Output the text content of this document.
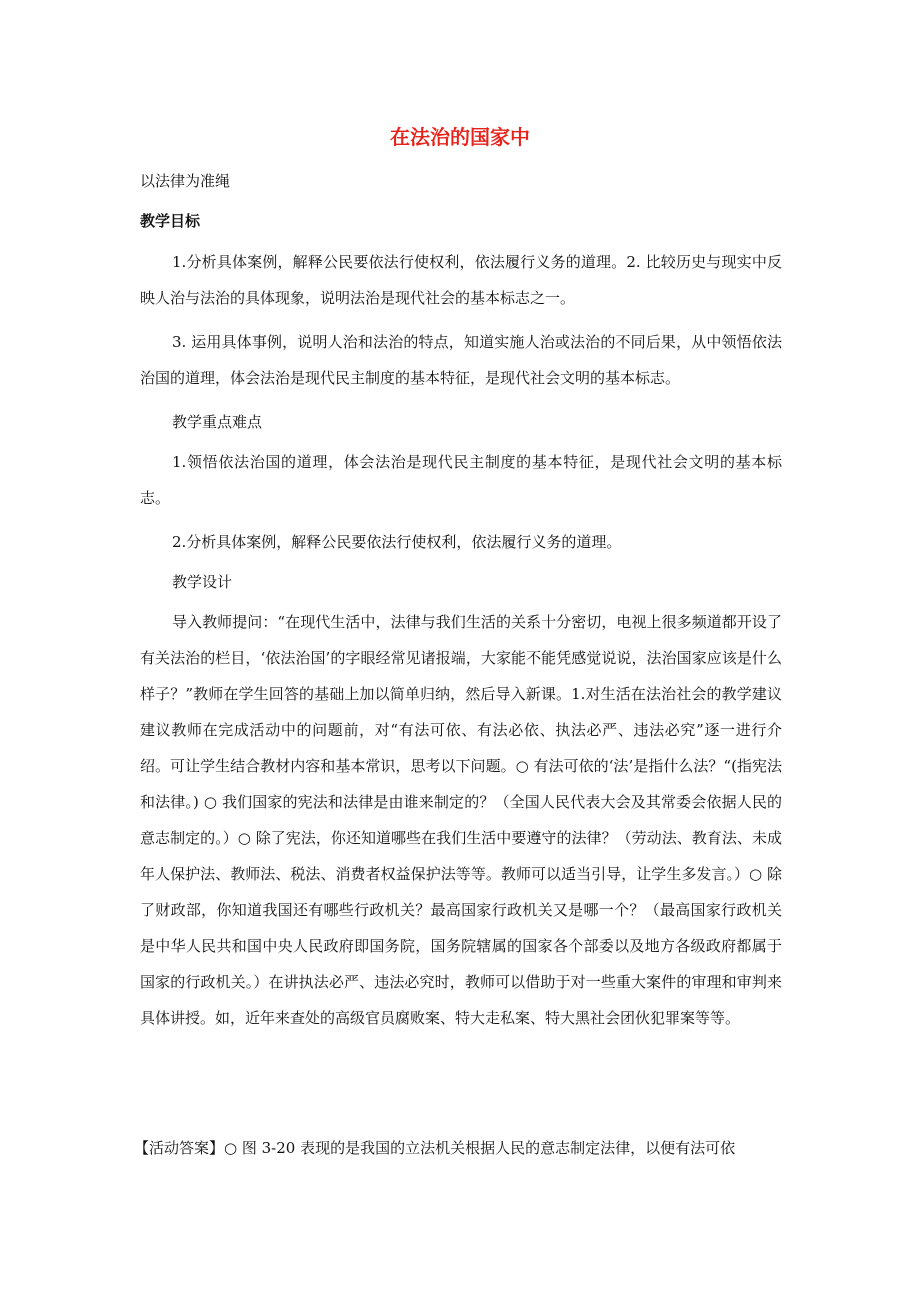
在法治的国家中
以法律为准绳
教学目标
1.分析具体案例，解释公民要依法行使权利，依法履行义务的道理。2. 比较历史与现实中反映人治与法治的具体现象，说明法治是现代社会的基本标志之一。
3. 运用具体事例，说明人治和法治的特点，知道实施人治或法治的不同后果，从中领悟依法治国的道理，体会法治是现代民主制度的基本特征，是现代社会文明的基本标志。
教学重点难点
1.领悟依法治国的道理，体会法治是现代民主制度的基本特征，是现代社会文明的基本标志。
2.分析具体案例，解释公民要依法行使权利，依法履行义务的道理。
教学设计
导入教师提问：“在现代生活中，法律与我们生活的关系十分密切，电视上很多频道都开设了有关法治的栏目，‘依法治国’的字眼经常见诸报端，大家能不能凭感觉说说，法治国家应该是什么样子？”教师在学生回答的基础上加以简单归纳，然后导入新课。1.对生活在法治社会的教学建议建议教师在完成活动中的问题前，对“有法可依、有法必依、执法必严、违法必究”逐一进行介绍。可让学生结合教材内容和基本常识，思考以下问题。○ 有法可依的‘法’是指什么法？“(指宪法和法律。) ○ 我们国家的宪法和法律是由谁来制定的？（全国人民代表大会及其常委会依据人民的意志制定的。）○ 除了宪法，你还知道哪些在我们生活中要遵守的法律？（劳动法、教育法、未成年人保护法、教师法、税法、消费者权益保护法等等。教师可以适当引导，让学生多发言。）○ 除了财政部，你知道我国还有哪些行政机关？最高国家行政机关又是哪一个？（最高国家行政机关是中华人民共和国中央人民政府即国务院，国务院辖属的国家各个部委以及地方各级政府都属于国家的行政机关。）在讲执法必严、违法必究时，教师可以借助于对一些重大案件的审理和审判来具体讲授。如，近年来查处的高级官员腐败案、特大走私案、特大黑社会团伙犯罪案等等。
【活动答案】○ 图 3-20 表现的是我国的立法机关根据人民的意志制定法律，以便有法可依
